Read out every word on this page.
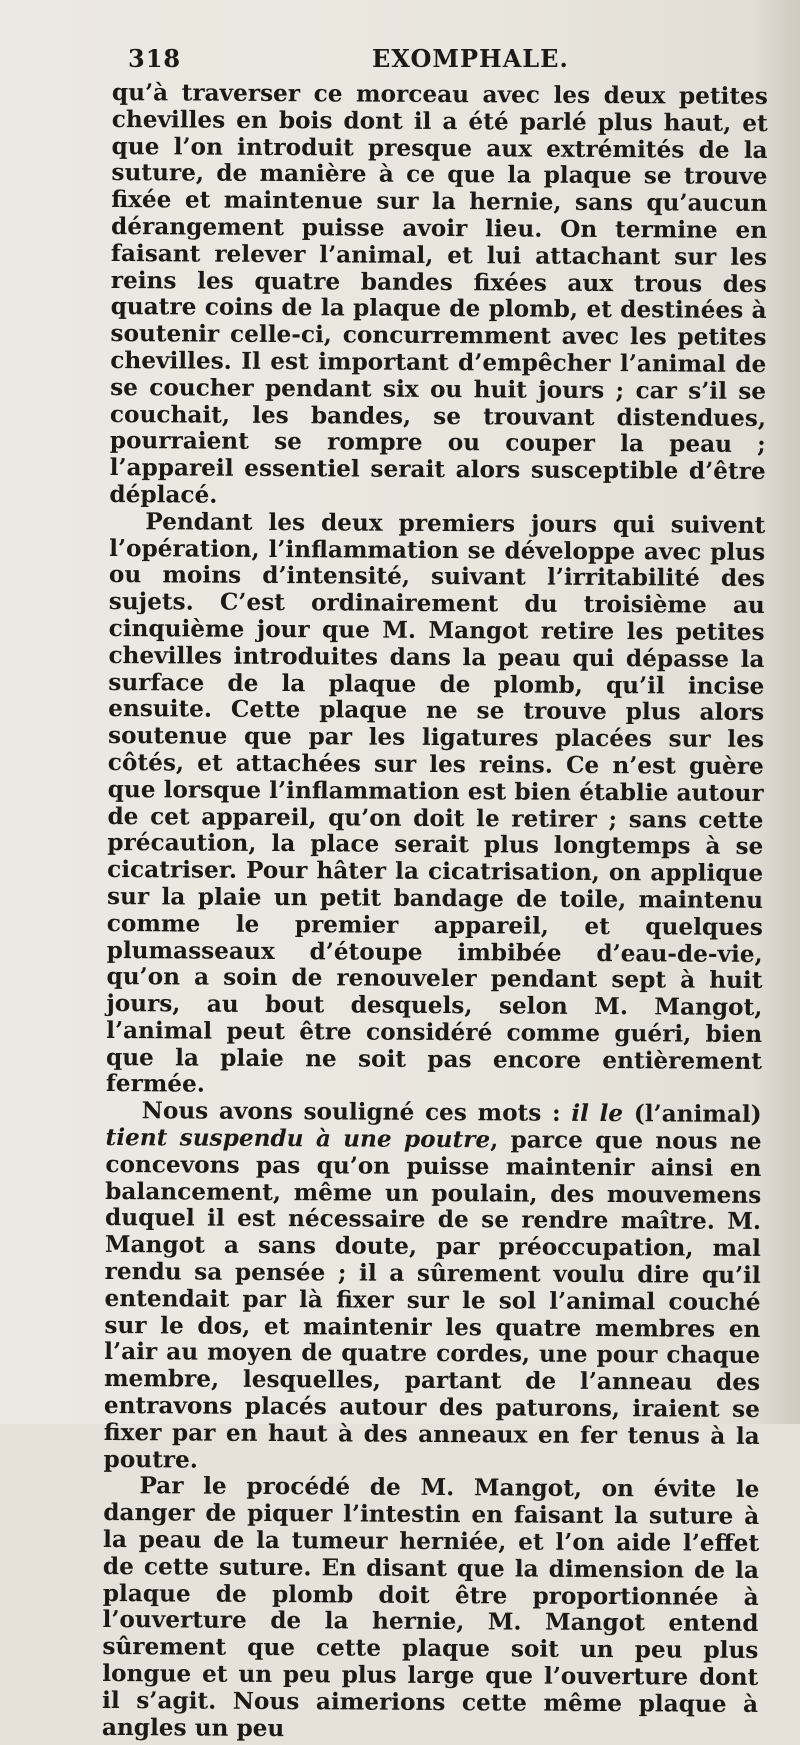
318	EXOMPHALE.

qu’à traverser ce morceau avec les deux petites chevilles en bois dont il a été parlé plus haut, et que l’on introduit presque aux extrémités de la suture, de manière à ce que la plaque se trouve fixée et maintenue sur la hernie, sans qu’aucun dérangement puisse avoir lieu. On termine en faisant relever l’animal, et lui attachant sur les reins les quatre bandes fixées aux trous des quatre coins de la plaque de plomb, et destinées à soutenir celle-ci, concurremment avec les petites chevilles. Il est important d’empêcher l’animal de se coucher pendant six ou huit jours ; car s’il se couchait, les bandes, se trouvant distendues, pourraient se rompre ou couper la peau ; l’appareil essentiel serait alors susceptible d’être déplacé.

Pendant les deux premiers jours qui suivent l’opération, l’inflammation se développe avec plus ou moins d’intensité, suivant l’irritabilité des sujets. C’est ordinairement du troisième au cinquième jour que M. Mangot retire les petites chevilles introduites dans la peau qui dépasse la surface de la plaque de plomb, qu’il incise ensuite. Cette plaque ne se trouve plus alors soutenue que par les ligatures placées sur les côtés, et attachées sur les reins. Ce n’est guère que lorsque l’inflammation est bien établie autour de cet appareil, qu’on doit le retirer ; sans cette précaution, la place serait plus longtemps à se cicatriser. Pour hâter la cicatrisation, on applique sur la plaie un petit bandage de toile, maintenu comme le premier appareil, et quelques plumasseaux d’étoupe imbibée d’eau-de-vie, qu’on a soin de renouveler pendant sept à huit jours, au bout desquels, selon M. Mangot, l’animal peut être considéré comme guéri, bien que la plaie ne soit pas encore entièrement fermée.

Nous avons souligné ces mots : il le (l’animal) tient suspendu à une poutre, parce que nous ne concevons pas qu’on puisse maintenir ainsi en balancement, même un poulain, des mouvemens duquel il est nécessaire de se rendre maître. M. Mangot a sans doute, par préoccupation, mal rendu sa pensée ; il a sûrement voulu dire qu’il entendait par là fixer sur le sol l’animal couché sur le dos, et maintenir les quatre membres en l’air au moyen de quatre cordes, une pour chaque membre, lesquelles, partant de l’anneau des entravons placés autour des paturons, iraient se fixer par en haut à des anneaux en fer tenus à la poutre.

Par le procédé de M. Mangot, on évite le danger de piquer l’intestin en faisant la suture à la peau de la tumeur herniée, et l’on aide l’effet de cette suture. En disant que la dimension de la plaque de plomb doit être proportionnée à l’ouverture de la hernie, M. Mangot entend sûrement que cette plaque soit un peu plus longue et un peu plus large que l’ouverture dont il s’agit. Nous aimerions cette même plaque à angles un peu
